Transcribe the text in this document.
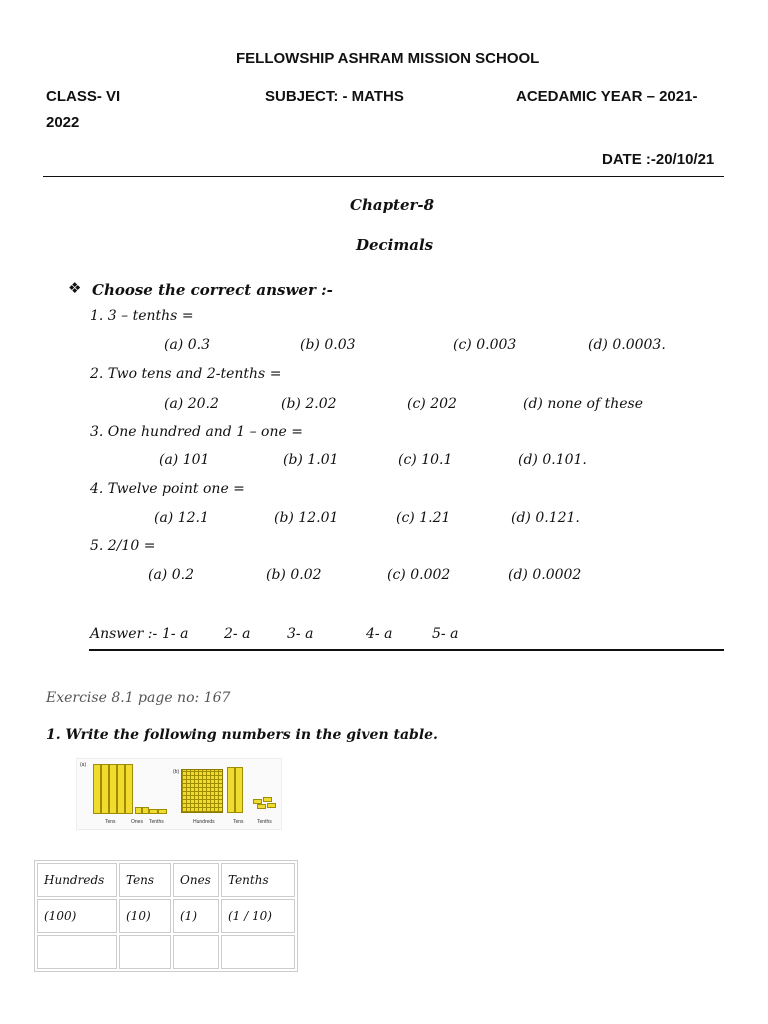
FELLOWSHIP ASHRAM MISSION SCHOOL
CLASS- VI	SUBJECT: - MATHS	ACEDAMIC YEAR – 2021-
2022
DATE :-20/10/21
Chapter-8
Decimals
❖ Choose the correct answer :-
1. 3 – tenths =
(a) 0.3	(b) 0.03	(c) 0.003	(d) 0.0003.
2. Two tens and 2-tenths =
(a) 20.2	(b) 2.02	(c) 202	(d) none of these
3. One hundred and 1 – one =
(a) 101	(b) 1.01	(c) 10.1	(d) 0.101.
4. Twelve point one =
(a) 12.1	(b) 12.01	(c) 1.21	(d) 0.121.
5. 2/10 =
(a) 0.2	(b) 0.02	(c) 0.002	(d) 0.0002
Answer :- 1- a	2- a	3- a	4- a	5- a
Exercise 8.1 page no: 167
1. Write the following numbers in the given table.
(a)
Tens	Ones Tenths
(b)
Hundreds	Tens	Tenths
Hundreds	Tens	Ones	Tenths
(100)	(10)	(1)	(1 / 10)
